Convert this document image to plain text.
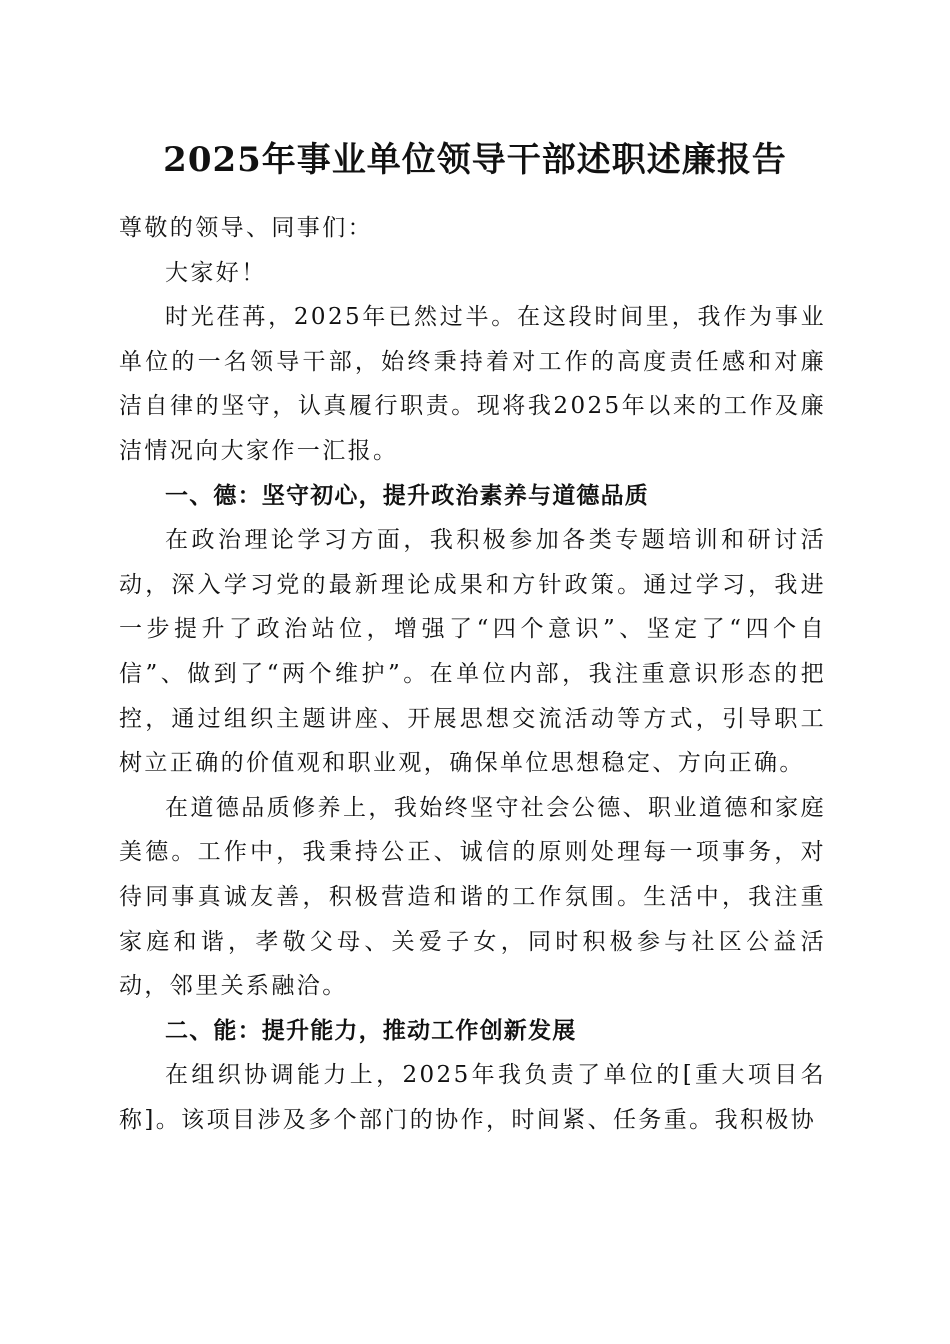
2025年事业单位领导干部述职述廉报告

尊敬的领导、同事们：

大家好！

时光荏苒，2025年已然过半。在这段时间里，我作为事业单位的一名领导干部，始终秉持着对工作的高度责任感和对廉洁自律的坚守，认真履行职责。现将我2025年以来的工作及廉洁情况向大家作一汇报。

一、德：坚守初心，提升政治素养与道德品质

在政治理论学习方面，我积极参加各类专题培训和研讨活动，深入学习党的最新理论成果和方针政策。通过学习，我进一步提升了政治站位，增强了“四个意识”、坚定了“四个自信”、做到了“两个维护”。在单位内部，我注重意识形态的把控，通过组织主题讲座、开展思想交流活动等方式，引导职工树立正确的价值观和职业观，确保单位思想稳定、方向正确。

在道德品质修养上，我始终坚守社会公德、职业道德和家庭美德。工作中，我秉持公正、诚信的原则处理每一项事务，对待同事真诚友善，积极营造和谐的工作氛围。生活中，我注重家庭和谐，孝敬父母、关爱子女，同时积极参与社区公益活动，邻里关系融洽。

二、能：提升能力，推动工作创新发展

在组织协调能力上，2025年我负责了单位的[重大项目名称]。该项目涉及多个部门的协作，时间紧、任务重。我积极协
